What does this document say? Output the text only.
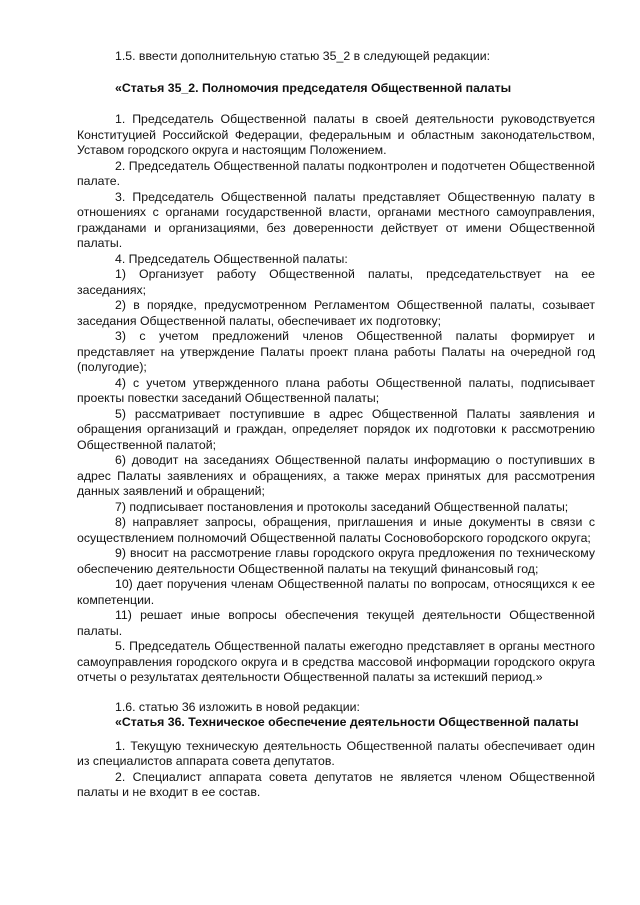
1.5. ввести дополнительную статью 35_2 в следующей редакции:

«Статья 35_2. Полномочия председателя Общественной палаты

1. Председатель Общественной палаты в своей деятельности руководствуется Конституцией Российской Федерации, федеральным и областным законодательством, Уставом городского округа и настоящим Положением.

2. Председатель Общественной палаты подконтролен и подотчетен Общественной палате.

3. Председатель Общественной палаты представляет Общественную палату в отношениях с органами государственной власти, органами местного самоуправления, гражданами и организациями, без доверенности действует от имени Общественной палаты.

4. Председатель Общественной палаты:

1) Организует работу Общественной палаты, председательствует на ее заседаниях;

2) в порядке, предусмотренном Регламентом Общественной палаты, созывает заседания Общественной палаты, обеспечивает их подготовку;

3) с учетом предложений членов Общественной палаты формирует и представляет на утверждение Палаты проект плана работы Палаты на очередной год (полугодие);

4) с учетом утвержденного плана работы Общественной палаты, подписывает проекты повестки заседаний Общественной палаты;

5) рассматривает поступившие в адрес Общественной Палаты заявления и обращения организаций и граждан, определяет порядок их подготовки к рассмотрению Общественной палатой;

6) доводит на заседаниях Общественной палаты информацию о поступивших в адрес Палаты заявлениях и обращениях, а также мерах принятых для рассмотрения данных заявлений и обращений;

7) подписывает постановления и протоколы заседаний Общественной палаты;

8) направляет запросы, обращения, приглашения и иные документы в связи с осуществлением полномочий Общественной палаты Сосновоборского городского округа;

9) вносит на рассмотрение главы городского округа предложения по техническому обеспечению деятельности Общественной палаты на текущий финансовый год;

10) дает поручения членам Общественной палаты по вопросам, относящихся к ее компетенции.

11) решает иные вопросы обеспечения текущей деятельности Общественной палаты.

5. Председатель Общественной палаты ежегодно представляет в органы местного самоуправления городского округа и в средства массовой информации городского округа отчеты о результатах деятельности Общественной палаты за истекший период.»

1.6. статью 36 изложить в новой редакции:

«Статья 36. Техническое обеспечение деятельности Общественной палаты

1. Текущую техническую деятельность Общественной палаты обеспечивает один из специалистов аппарата совета депутатов.

2. Специалист аппарата совета депутатов не является членом Общественной палаты и не входит в ее состав.
